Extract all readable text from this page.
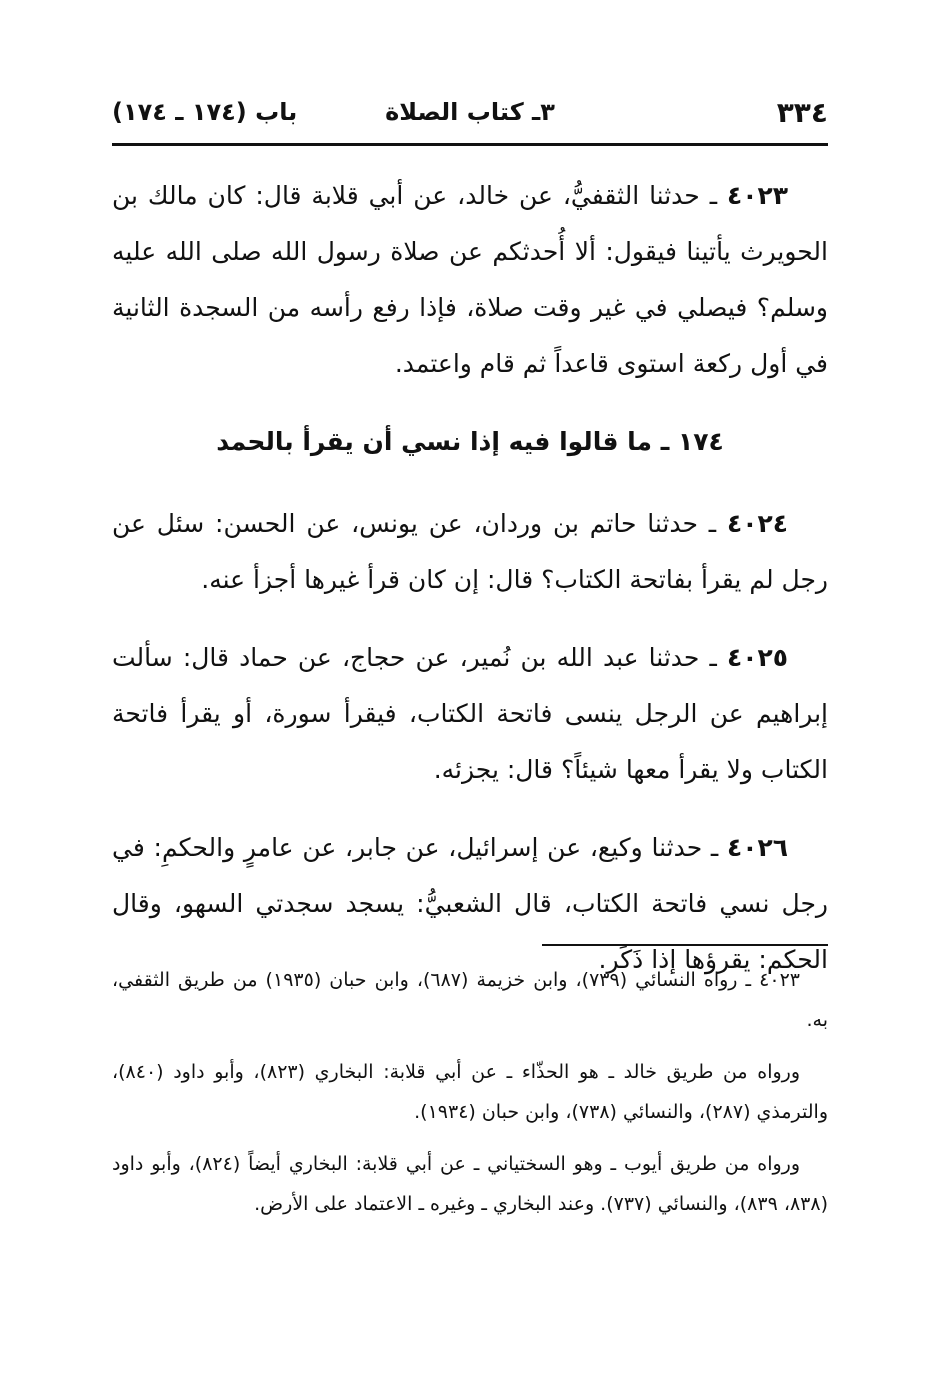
٣٣٤
٣ـ كتاب الصلاة
باب (١٧٤ ـ ١٧٤)

٤٠٢٣ ـ حدثنا الثقفيُّ، عن خالد، عن أبي قلابة قال: كان مالك بن الحويرث يأتينا فيقول: ألا أُحدثكم عن صلاة رسول الله صلى الله عليه وسلم؟ فيصلي في غير وقت صلاة، فإذا رفع رأسه من السجدة الثانية في أول ركعة استوى قاعداً ثم قام واعتمد.

١٧٤ ـ ما قالوا فيه إذا نسي أن يقرأ بالحمد

٤٠٢٤ ـ حدثنا حاتم بن وردان، عن يونس، عن الحسن: سئل عن رجل لم يقرأ بفاتحة الكتاب؟ قال: إن كان قرأ غيرها أجزأ عنه.

٤٠٢٥ ـ حدثنا عبد الله بن نُمير، عن حجاج، عن حماد قال: سألت إبراهيم عن الرجل ينسى فاتحة الكتاب، فيقرأ سورة، أو يقرأ فاتحة الكتاب ولا يقرأ معها شيئاً؟ قال: يجزئه.

٤٠٢٦ ـ حدثنا وكيع، عن إسرائيل، عن جابر، عن عامرٍ والحكمِ: في رجل نسي فاتحة الكتاب، قال الشعبيُّ: يسجد سجدتي السهو، وقال الحكم: يقرؤها إذا ذَكَر.

٤٠٢٣ ـ رواه النسائي (٧٣٩)، وابن خزيمة (٦٨٧)، وابن حبان (١٩٣٥) من طريق الثقفي، به.

ورواه من طريق خالد ـ هو الحذّاء ـ عن أبي قلابة: البخاري (٨٢٣)، وأبو داود (٨٤٠)، والترمذي (٢٨٧)، والنسائي (٧٣٨)، وابن حبان (١٩٣٤).

ورواه من طريق أيوب ـ وهو السختياني ـ عن أبي قلابة: البخاري أيضاً (٨٢٤)، وأبو داود (٨٣٨، ٨٣٩)، والنسائي (٧٣٧). وعند البخاري ـ وغيره ـ الاعتماد على الأرض.
